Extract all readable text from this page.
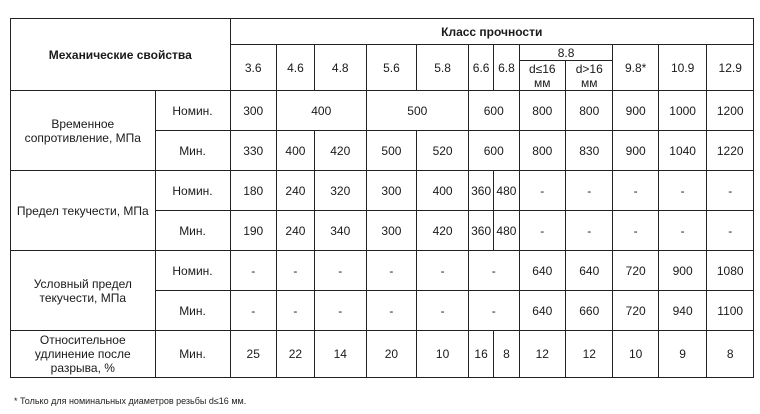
Механические свойства		Класс прочности											
		3.6	4.6	4.8	5.6	5.8	6.6	6.8	8.8		9.8*	10.9	12.9
									d≤16 мм	d>16 мм			
Временное сопротивление, МПа	Номин.	300	400		500		600		800	800	900	1000	1200
	Мин.	330	400	420	500	520	600		800	830	900	1040	1220
Предел текучести, МПа	Номин.	180	240	320	300	400	360	480	-	-	-	-	-
	Мин.	190	240	340	300	420	360	480	-	-	-	-	-
Условный предел текучести, МПа	Номин.	-	-	-	-	-	-		640	640	720	900	1080
	Мин.	-	-	-	-	-	-		640	660	720	940	1100
Относительное удлинение после разрыва, %	Мин.	25	22	14	20	10	16	8	12	12	10	9	8
* Только для номинальных диаметров резьбы d≤16 мм.
